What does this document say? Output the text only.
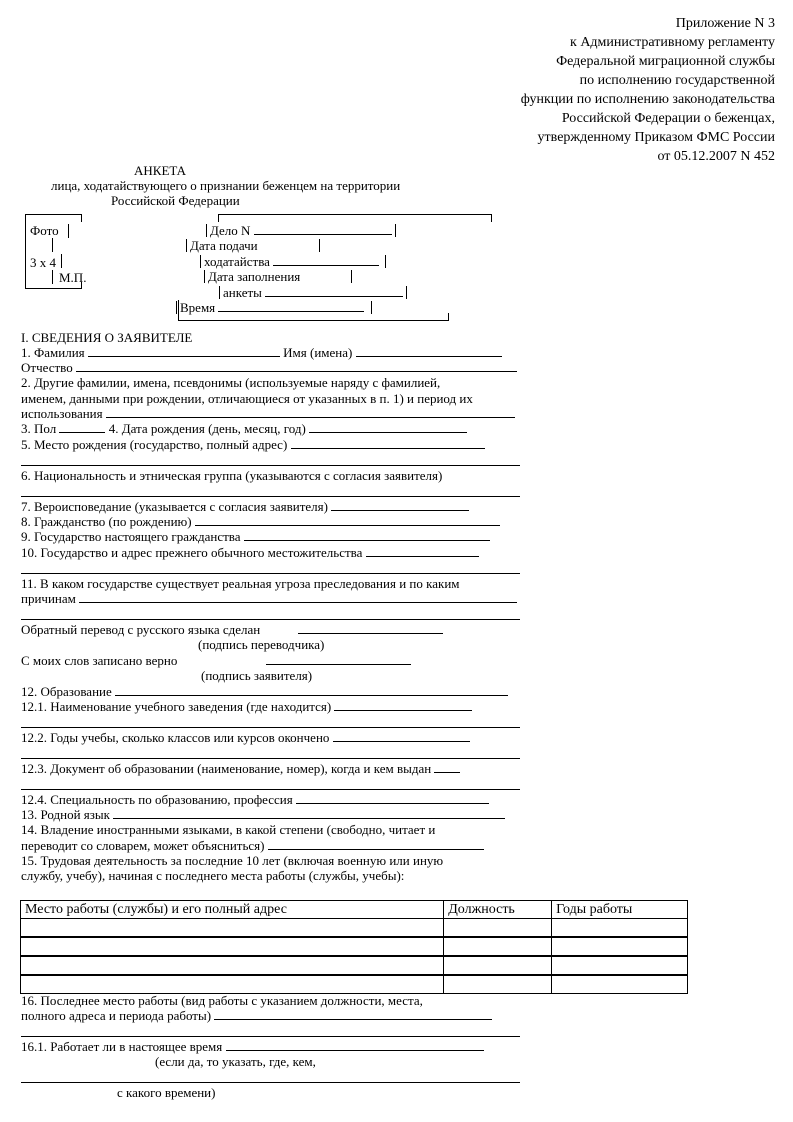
Приложение N 3
к Административному регламенту
Федеральной миграционной службы
по исполнению государственной
функции по исполнению законодательства
Российской Федерации о беженцах,
утвержденному Приказом ФМС России
от 05.12.2007 N 452
АНКЕТА
лица, ходатайствующего о признании беженцем на территории
Российской Федерации
Фото
3 х 4
М.П.
Дело N
Дата подачи
ходатайства
Дата заполнения
анкеты
Время
I. СВЕДЕНИЯ О ЗАЯВИТЕЛЕ
1. Фамилия	Имя (имена)
Отчество
2. Другие фамилии, имена, псевдонимы (используемые наряду с фамилией,
именем, данными при рождении, отличающиеся от указанных в п. 1) и период их
использования
3. Пол	4. Дата рождения (день, месяц, год)
5. Место рождения (государство, полный адрес)
6. Национальность и этническая группа (указываются с согласия заявителя)
7. Вероисповедание (указывается с согласия заявителя)
8. Гражданство (по рождению)
9. Государство настоящего гражданства
10. Государство и адрес прежнего обычного местожительства
11. В каком государстве существует реальная угроза преследования и по каким
причинам
Обратный перевод с русского языка сделан
(подпись переводчика)
С моих слов записано верно
(подпись заявителя)
12. Образование
12.1. Наименование учебного заведения (где находится)
12.2. Годы учебы, сколько классов или курсов окончено
12.3. Документ об образовании (наименование, номер), когда и кем выдан
12.4. Специальность по образованию, профессия
13. Родной язык
14. Владение иностранными языками, в какой степени (свободно, читает и
переводит со словарем, может объясниться)
15. Трудовая деятельность за последние 10 лет (включая военную или иную
службу, учебу), начиная с последнего места работы (службы, учебы):
Место работы (службы) и его полный адрес	Должность	Годы работы

16. Последнее место работы (вид работы с указанием должности, места,
полного адреса и периода работы)
16.1. Работает ли в настоящее время
(если да, то указать, где, кем,
с какого времени)
